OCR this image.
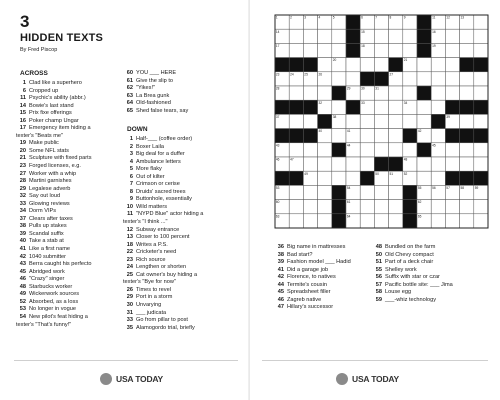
3
HIDDEN TEXTS
By Fred Piscop
ACROSS
1 Clad like a superhero
6 Cropped up
11 Psychic's ability (abbr.)
14 Bowie's last stand
15 Prix fixe offerings
16 Poker champ Ungar
17 Emergency item hiding a
texter's "Beats me"
19 Make public
20 Some NFL stats
21 Sculpture with fixed parts
23 Forged licenses, e.g.
27 Worker with a whip
28 Martini garnishes
29 Legalese adverb
32 Say out loud
33 Glowing reviews
34 Dorm VIPs
37 Clears after taxes
38 Pulls up stakes
39 Scandal suffix
40 Take a stab at
41 Like a first name
42 1040 submitter
43 Berra caught his perfecto
45 Abridged work
46 "Crazy" singer
48 Starbucks worker
49 Wickerwork sources
52 Absorbed, as a loss
53 No longer in vogue
54 New pilot's feat hiding a
texter's "That's funny!"
60 YOU ___ HERE
61 Give the slip to
62 "Yikes!"
63 La Brea gunk
64 Old-fashioned
65 Shed false tears, say
DOWN
1 Half-___ (coffee order)
2 Boxer Laila
3 Big deal for a duffer
4 Ambulance letters
5 More flaky
6 Out of kilter
7 Crimson or cerise
8 Druids' sacred trees
9 Buttonhole, essentially
10 Wild matters
11 "NYPD Blue" actor hiding a
texter's "I think ..."
12 Subway entrance
13 Closer to 100 percent
18 Writes a P.S.
22 Cricketer's need
23 Rich source
24 Lengthen or shorten
25 Cat owner's buy hiding a
texter's "Bye for now"
26 Times to revel
29 Port in a storm
30 Unvarying
31 ___ judicata
33 Go from pillar to post
35 Alamogordo trial, briefly
USA TODAY
36 Big name in mattresses
38 Bad start?
39 Fashion model ___ Hadid
41 Did a garage job
42 Florence, to natives
44 Termite's cousin
45 Spreadsheet filler
46 Zagreb native
47 Hillary's successor
48 Bundled on the farm
50 Old Chevy compact
51 Part of a deck chair
55 Shelley work
56 Suffix with star or czar
57 Pacific bottle site: ___ Jima
58 Louse egg
59 ___-whiz technology
USA TODAY
1	2	3	4	5	6	7	8	9	11	12	13
14	15	16
17	18	19
20	21
23	24	25	26	27
28	29	30	31
32	33	34
37	38	39
40	41	42
43	44	45
46	47	48
49	50	51	52
53	54	55	56	57	58	59
60	61	62
63	64	65
